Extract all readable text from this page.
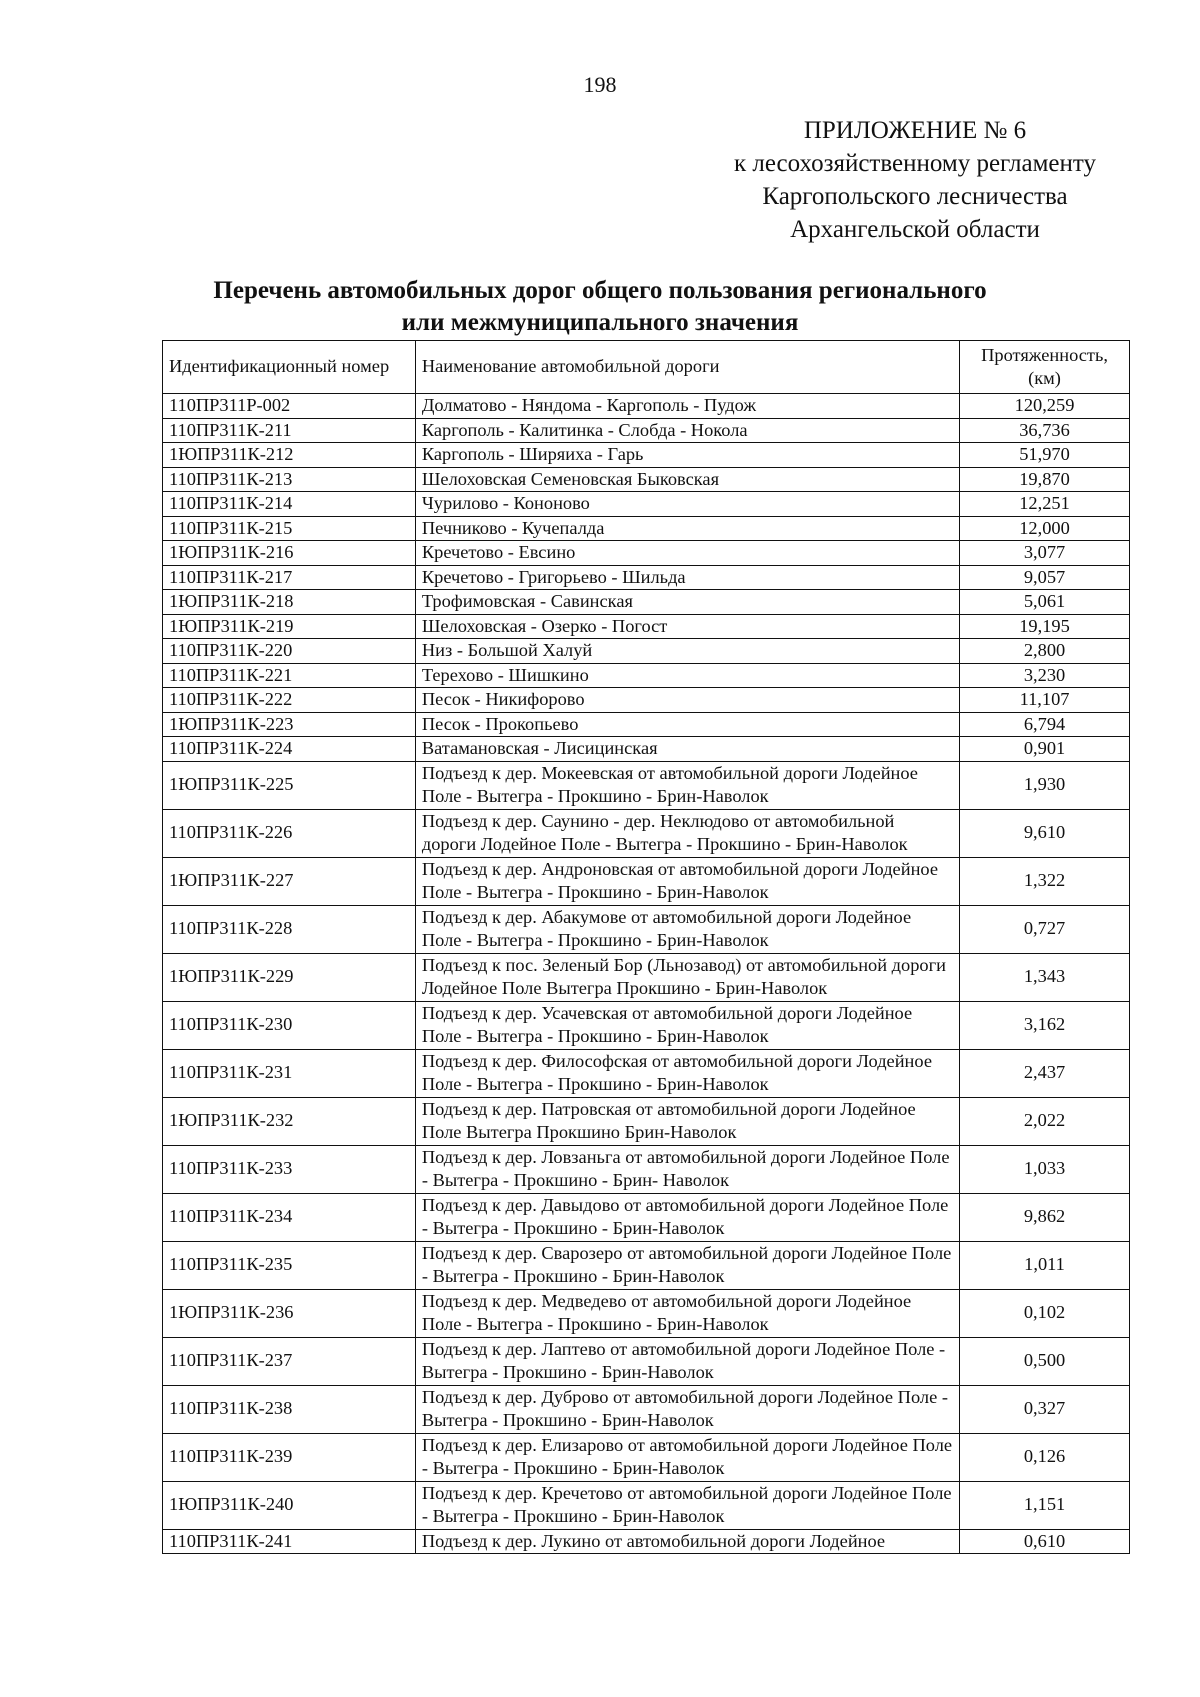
198
ПРИЛОЖЕНИЕ № 6
к лесохозяйственному регламенту
Каргопольского лесничества
Архангельской области
Перечень автомобильных дорог общего пользования регионального
или межмуниципального значения
Идентификационный номер	Наименование автомобильной дороги	Протяженность, (км)
110ПР311Р-002	Долматово - Няндома - Каргополь - Пудож	120,259
110ПР311К-211	Каргополь - Калитинка - Слобда - Нокола	36,736
1ЮПР311К-212	Каргополь - Ширяиха - Гарь	51,970
110ПР311К-213	Шелоховская Семеновская Быковская	19,870
110ПР311К-214	Чурилово - Кононово	12,251
110ПР311К-215	Печниково - Кучепалда	12,000
1ЮПР311К-216	Кречетово - Евсино	3,077
110ПР311К-217	Кречетово - Григорьево - Шильда	9,057
1ЮПР311К-218	Трофимовская - Савинская	5,061
1ЮПР311К-219	Шелоховская - Озерко - Погост	19,195
110ПР311К-220	Низ - Большой Халуй	2,800
110ПР311К-221	Терехово - Шишкино	3,230
110ПР311К-222	Песок - Никифорово	11,107
1ЮПР311К-223	Песок - Прокопьево	6,794
110ПР311К-224	Ватамановская - Лисицинская	0,901
1ЮПР311К-225	Подъезд к дер. Мокеевская от автомобильной дороги Лодейное Поле - Вытегра - Прокшино - Брин-Наволок	1,930
110ПР311К-226	Подъезд к дер. Саунино - дер. Неклюдово от автомобильной дороги Лодейное Поле - Вытегра - Прокшино - Брин-Наволок	9,610
1ЮПР311К-227	Подъезд к дер. Андроновская от автомобильной дороги Лодейное Поле - Вытегра - Прокшино - Брин-Наволок	1,322
110ПР311К-228	Подъезд к дер. Абакумове от автомобильной дороги Лодейное Поле - Вытегра - Прокшино - Брин-Наволок	0,727
1ЮПР311К-229	Подъезд к пос. Зеленый Бор (Льнозавод) от автомобильной дороги Лодейное Поле Вытегра Прокшино - Брин-Наволок	1,343
110ПР311К-230	Подъезд к дер. Усачевская от автомобильной дороги Лодейное Поле - Вытегра - Прокшино - Брин-Наволок	3,162
110ПР311К-231	Подъезд к дер. Философская от автомобильной дороги Лодейное Поле - Вытегра - Прокшино - Брин-Наволок	2,437
1ЮПР311К-232	Подъезд к дер. Патровская от автомобильной дороги Лодейное Поле Вытегра Прокшино Брин-Наволок	2,022
110ПР311К-233	Подъезд к дер. Ловзаньга от автомобильной дороги Лодейное Поле - Вытегра - Прокшино - Брин- Наволок	1,033
110ПР311К-234	Подъезд к дер. Давыдово от автомобильной дороги Лодейное Поле - Вытегра - Прокшино - Брин-Наволок	9,862
110ПР311К-235	Подъезд к дер. Сварозеро от автомобильной дороги Лодейное Поле - Вытегра - Прокшино - Брин-Наволок	1,011
1ЮПР311К-236	Подъезд к дер. Медведево от автомобильной дороги Лодейное Поле - Вытегра - Прокшино - Брин-Наволок	0,102
110ПР311К-237	Подъезд к дер. Лаптево от автомобильной дороги Лодейное Поле - Вытегра - Прокшино - Брин-Наволок	0,500
110ПР311К-238	Подъезд к дер. Дуброво от автомобильной дороги Лодейное Поле - Вытегра - Прокшино - Брин-Наволок	0,327
110ПР311К-239	Подъезд к дер. Елизарово от автомобильной дороги Лодейное Поле - Вытегра - Прокшино - Брин-Наволок	0,126
1ЮПР311К-240	Подъезд к дер. Кречетово от автомобильной дороги Лодейное Поле - Вытегра - Прокшино - Брин-Наволок	1,151
110ПР311К-241	Подъезд к дер. Лукино от автомобильной дороги Лодейное	0,610
